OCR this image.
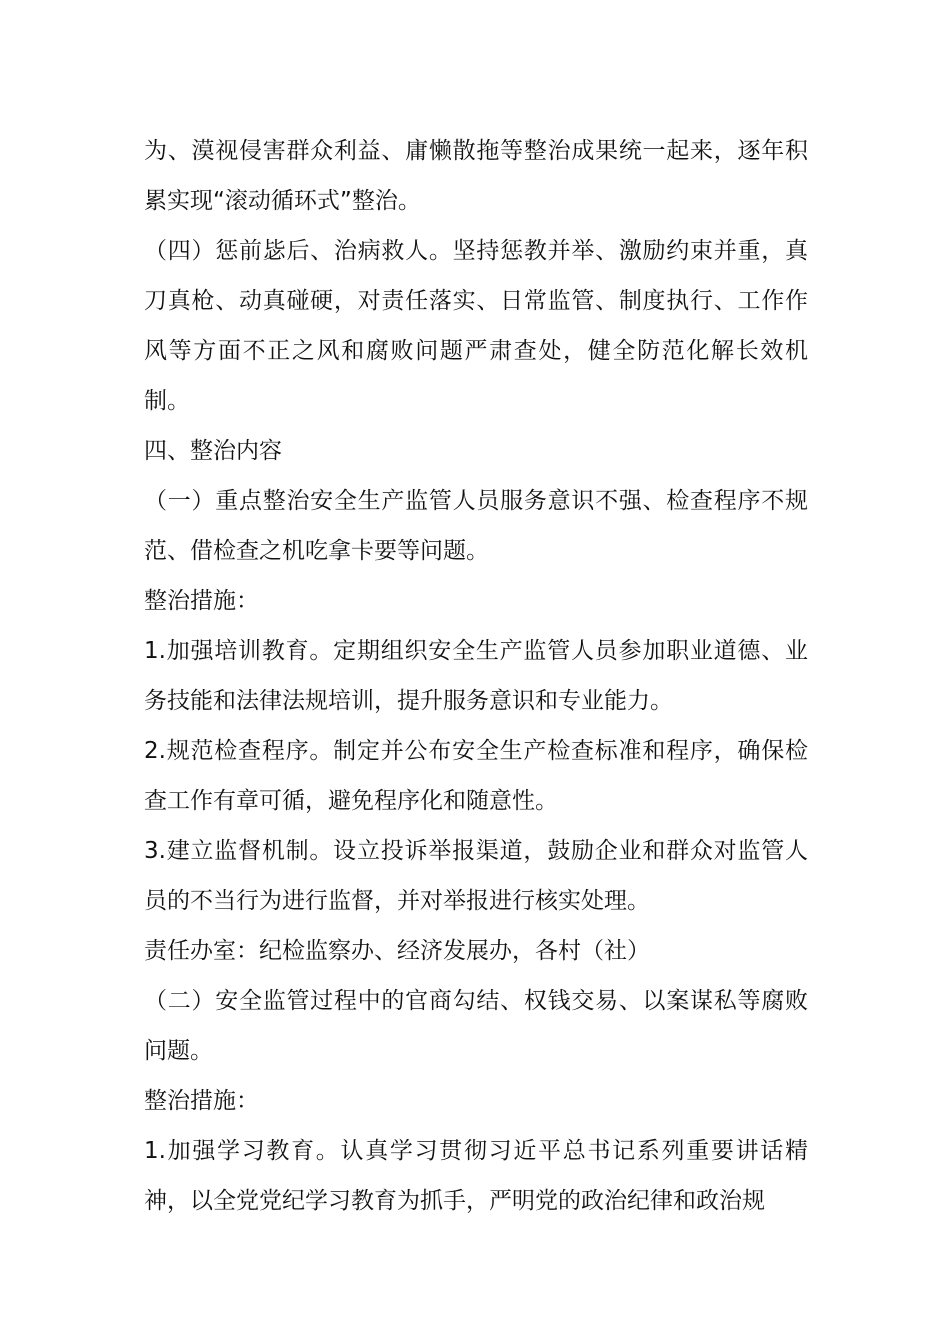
为、漠视侵害群众利益、庸懒散拖等整治成果统一起来，逐年积累实现“滚动循环式”整治。

（四）惩前毖后、治病救人。坚持惩教并举、激励约束并重，真刀真枪、动真碰硬，对责任落实、日常监管、制度执行、工作作风等方面不正之风和腐败问题严肃查处，健全防范化解长效机制。

四、整治内容

（一）重点整治安全生产监管人员服务意识不强、检查程序不规范、借检查之机吃拿卡要等问题。

整治措施：

1.加强培训教育。定期组织安全生产监管人员参加职业道德、业务技能和法律法规培训，提升服务意识和专业能力。

2.规范检查程序。制定并公布安全生产检查标准和程序，确保检查工作有章可循，避免程序化和随意性。

3.建立监督机制。设立投诉举报渠道，鼓励企业和群众对监管人员的不当行为进行监督，并对举报进行核实处理。

责任办室：纪检监察办、经济发展办，各村（社）

（二）安全监管过程中的官商勾结、权钱交易、以案谋私等腐败问题。

整治措施：

1.加强学习教育。认真学习贯彻习近平总书记系列重要讲话精神，以全党党纪学习教育为抓手，严明党的政治纪律和政治规
